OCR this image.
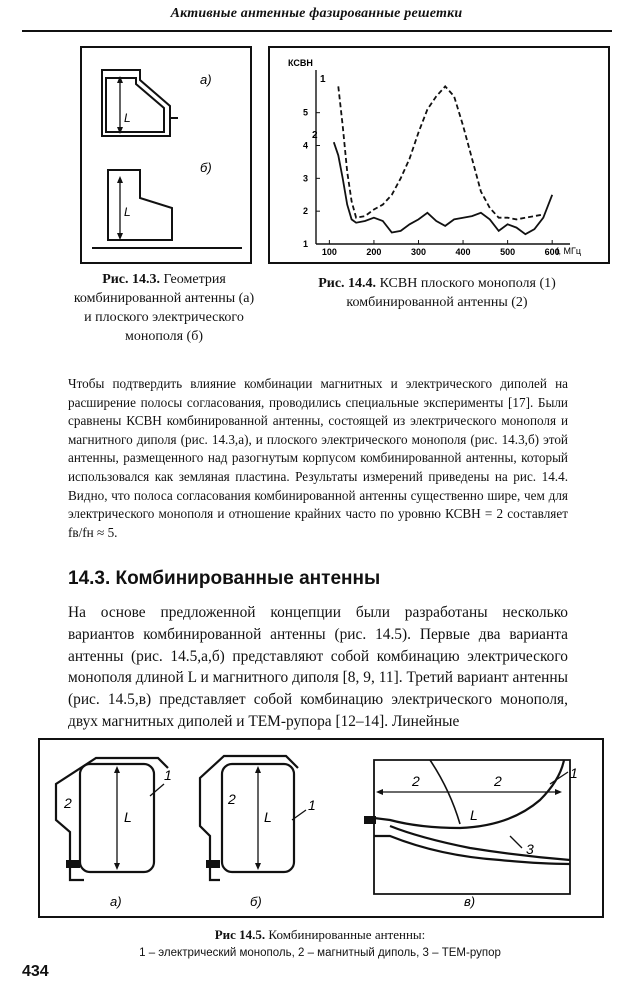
Активные антенные фазированные решетки
L
L
а)
б)
Рис. 14.3. Геометрия
комбинированной антенны (а)
и плоского электрического
монополя (б)
100	200	300	400	500	600
1
2
3
4
5
КСВН
f, МГц
1
2
Рис. 14.4. КСВН плоского монополя (1)
комбинированной антенны (2)

Чтобы подтвердить влияние комбинации магнитных и электрического диполей на расширение полосы согласования, проводились специальные эксперименты [17]. Были сравнены КСВН комбинированной антенны, состоящей из электрического монополя и магнитного диполя (рис. 14.3,а), и плоского электрического монополя (рис. 14.3,б) этой антенны, размещенного над разогнутым корпусом комбинированной антенны, который использовался как земляная пластина. Результаты измерений приведены на рис. 14.4. Видно, что полоса согласования комбинированной антенны существенно шире, чем для электрического монополя и отношение крайних часто по уровню КСВН = 2 составляет fв/fн ≈ 5.

14.3. Комбинированные антенны

На основе предложенной концепции были разработаны несколько вариантов комбинированной антенны (рис. 14.5). Первые два варианта антенны (рис. 14.5,а,б) представляют собой комбинацию электрического монополя длиной L и магнитного диполя [8, 9, 11]. Третий вариант антенны (рис. 14.5,в) представляет собой комбинацию электрического монополя, двух магнитных диполей и ТЕМ-рупора [12–14]. Линейные

L	L	L
2
1
2	1
2	2	1
3
а)	б)	в)
Рис 14.5. Комбинированные антенны:
1 – электрический монополь, 2 – магнитный диполь, 3 – ТЕМ-рупор
434
